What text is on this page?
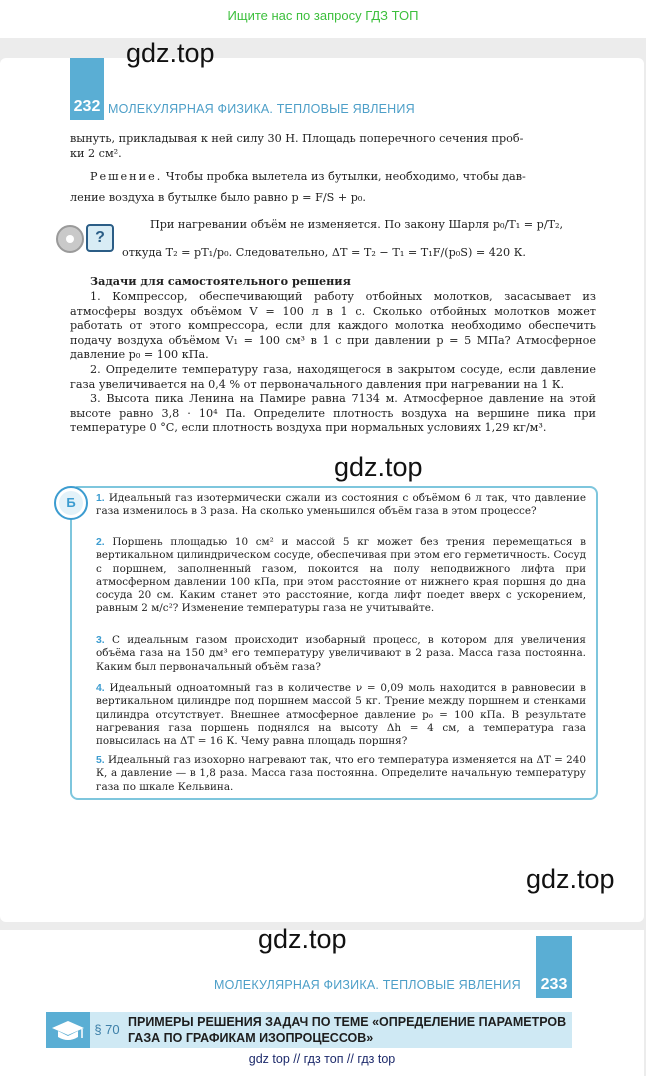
Ищите нас по запросу ГДЗ ТОП
gdz.top
232 МОЛЕКУЛЯРНАЯ ФИЗИКА. ТЕПЛОВЫЕ ЯВЛЕНИЯ

вынуть, прикладывая к ней силу 30 Н. Площадь поперечного сечения проб-

ки 2 см².

Решение. Чтобы пробка вылетела из бутылки, необходимо, чтобы дав-

ление воздуха в бутылке было равно p = F/S + p₀.

?

При нагревании объём не изменяется. По закону Шарля p₀/T₁ = p/T₂,

откуда T₂ = pT₁/p₀. Следовательно, ΔT = T₂ − T₁ = T₁F/(p₀S) = 420 К.

Задачи для самостоятельного решения

1. Компрессор, обеспечивающий работу отбойных молотков, засасывает из атмосферы воздух объёмом V = 100 л в 1 с. Сколько отбойных молотков может работать от этого компрессора, если для каждого молотка необходимо обеспечить подачу воздуха объёмом V₁ = 100 см³ в 1 с при давлении p = 5 МПа? Атмосферное давление p₀ = 100 кПа.

2. Определите температуру газа, находящегося в закрытом сосуде, если давление газа увеличивается на 0,4 % от первоначального давления при нагревании на 1 К.

3. Высота пика Ленина на Памире равна 7134 м. Атмосферное давление на этой высоте равно 3,8 · 10⁴ Па. Определите плотность воздуха на вершине пика при температуре 0 °С, если плотность воздуха при нормальных условиях 1,29 кг/м³.

gdz.top
Б	1. Идеальный газ изотермически сжали из состояния с объёмом 6 л так, что давление газа изменилось в 3 раза. На сколько уменьшился объём газа в этом процессе?
2. Поршень площадью 10 см² и массой 5 кг может без трения перемещаться в вертикальном цилиндрическом сосуде, обеспечивая при этом его герметичность. Сосуд с поршнем, заполненный газом, покоится на полу неподвижного лифта при атмосферном давлении 100 кПа, при этом расстояние от нижнего края поршня до дна сосуда 20 см. Каким станет это расстояние, когда лифт поедет вверх с ускорением, равным 2 м/с²? Изменение температуры газа не учитывайте.
3. С идеальным газом происходит изобарный процесс, в котором для увеличения объёма газа на 150 дм³ его температуру увеличивают в 2 раза. Масса газа постоянна. Каким был первоначальный объём газа?
4. Идеальный одноатомный газ в количестве ν = 0,09 моль находится в равновесии в вертикальном цилиндре под поршнем массой 5 кг. Трение между поршнем и стенками цилиндра отсутствует. Внешнее атмосферное давление p₀ = 100 кПа. В результате нагревания газа поршень поднялся на высоту Δh = 4 см, а температура газа повысилась на ΔT = 16 К. Чему равна площадь поршня?
5. Идеальный газ изохорно нагревают так, что его температура изменяется на ΔT = 240 К, а давление — в 1,8 раза. Масса газа постоянна. Определите начальную температуру газа по шкале Кельвина.
gdz.top
gdz.top
МОЛЕКУЛЯРНАЯ ФИЗИКА. ТЕПЛОВЫЕ ЯВЛЕНИЯ 233
§ 70 ПРИМЕРЫ РЕШЕНИЯ ЗАДАЧ ПО ТЕМЕ «ОПРЕДЕЛЕНИЕ ПАРАМЕТРОВ ГАЗА ПО ГРАФИКАМ ИЗОПРОЦЕССОВ»
gdz top // гдз топ // гдз top
